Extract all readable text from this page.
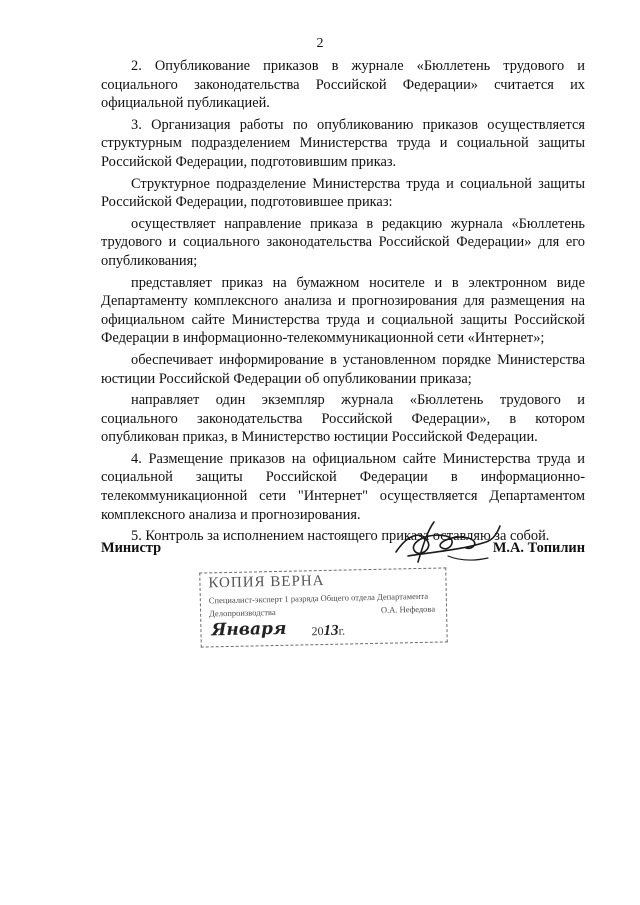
2

2. Опубликование приказов в журнале «Бюллетень трудового и социального законодательства Российской Федерации» считается их официальной публикацией.

3. Организация работы по опубликованию приказов осуществляется структурным подразделением Министерства труда и социальной защиты Российской Федерации, подготовившим приказ.

Структурное подразделение Министерства труда и социальной защиты Российской Федерации, подготовившее приказ:

осуществляет направление приказа в редакцию журнала «Бюллетень трудового и социального законодательства Российской Федерации» для его опубликования;

представляет приказ на бумажном носителе и в электронном виде Департаменту комплексного анализа и прогнозирования для размещения на официальном сайте Министерства труда и социальной защиты Российской Федерации в информационно-телекоммуникационной сети «Интернет»;

обеспечивает информирование в установленном порядке Министерства юстиции Российской Федерации об опубликовании приказа;

направляет один экземпляр журнала «Бюллетень трудового и социального законодательства Российской Федерации», в котором опубликован приказ, в Министерство юстиции Российской Федерации.

4. Размещение приказов на официальном сайте Министерства труда и социальной защиты Российской Федерации в информационно-телекоммуникационной сети "Интернет" осуществляется Департаментом комплексного анализа и прогнозирования.

5. Контроль за исполнением настоящего приказа оставляю за собой.

Министр	М.А. Топилин
КОПИЯ ВЕРНА
Специалист-эксперт 1 разряда Общего отдела Департамента
Делопроизводства	О.А. Нефедова
Января 2013г.
